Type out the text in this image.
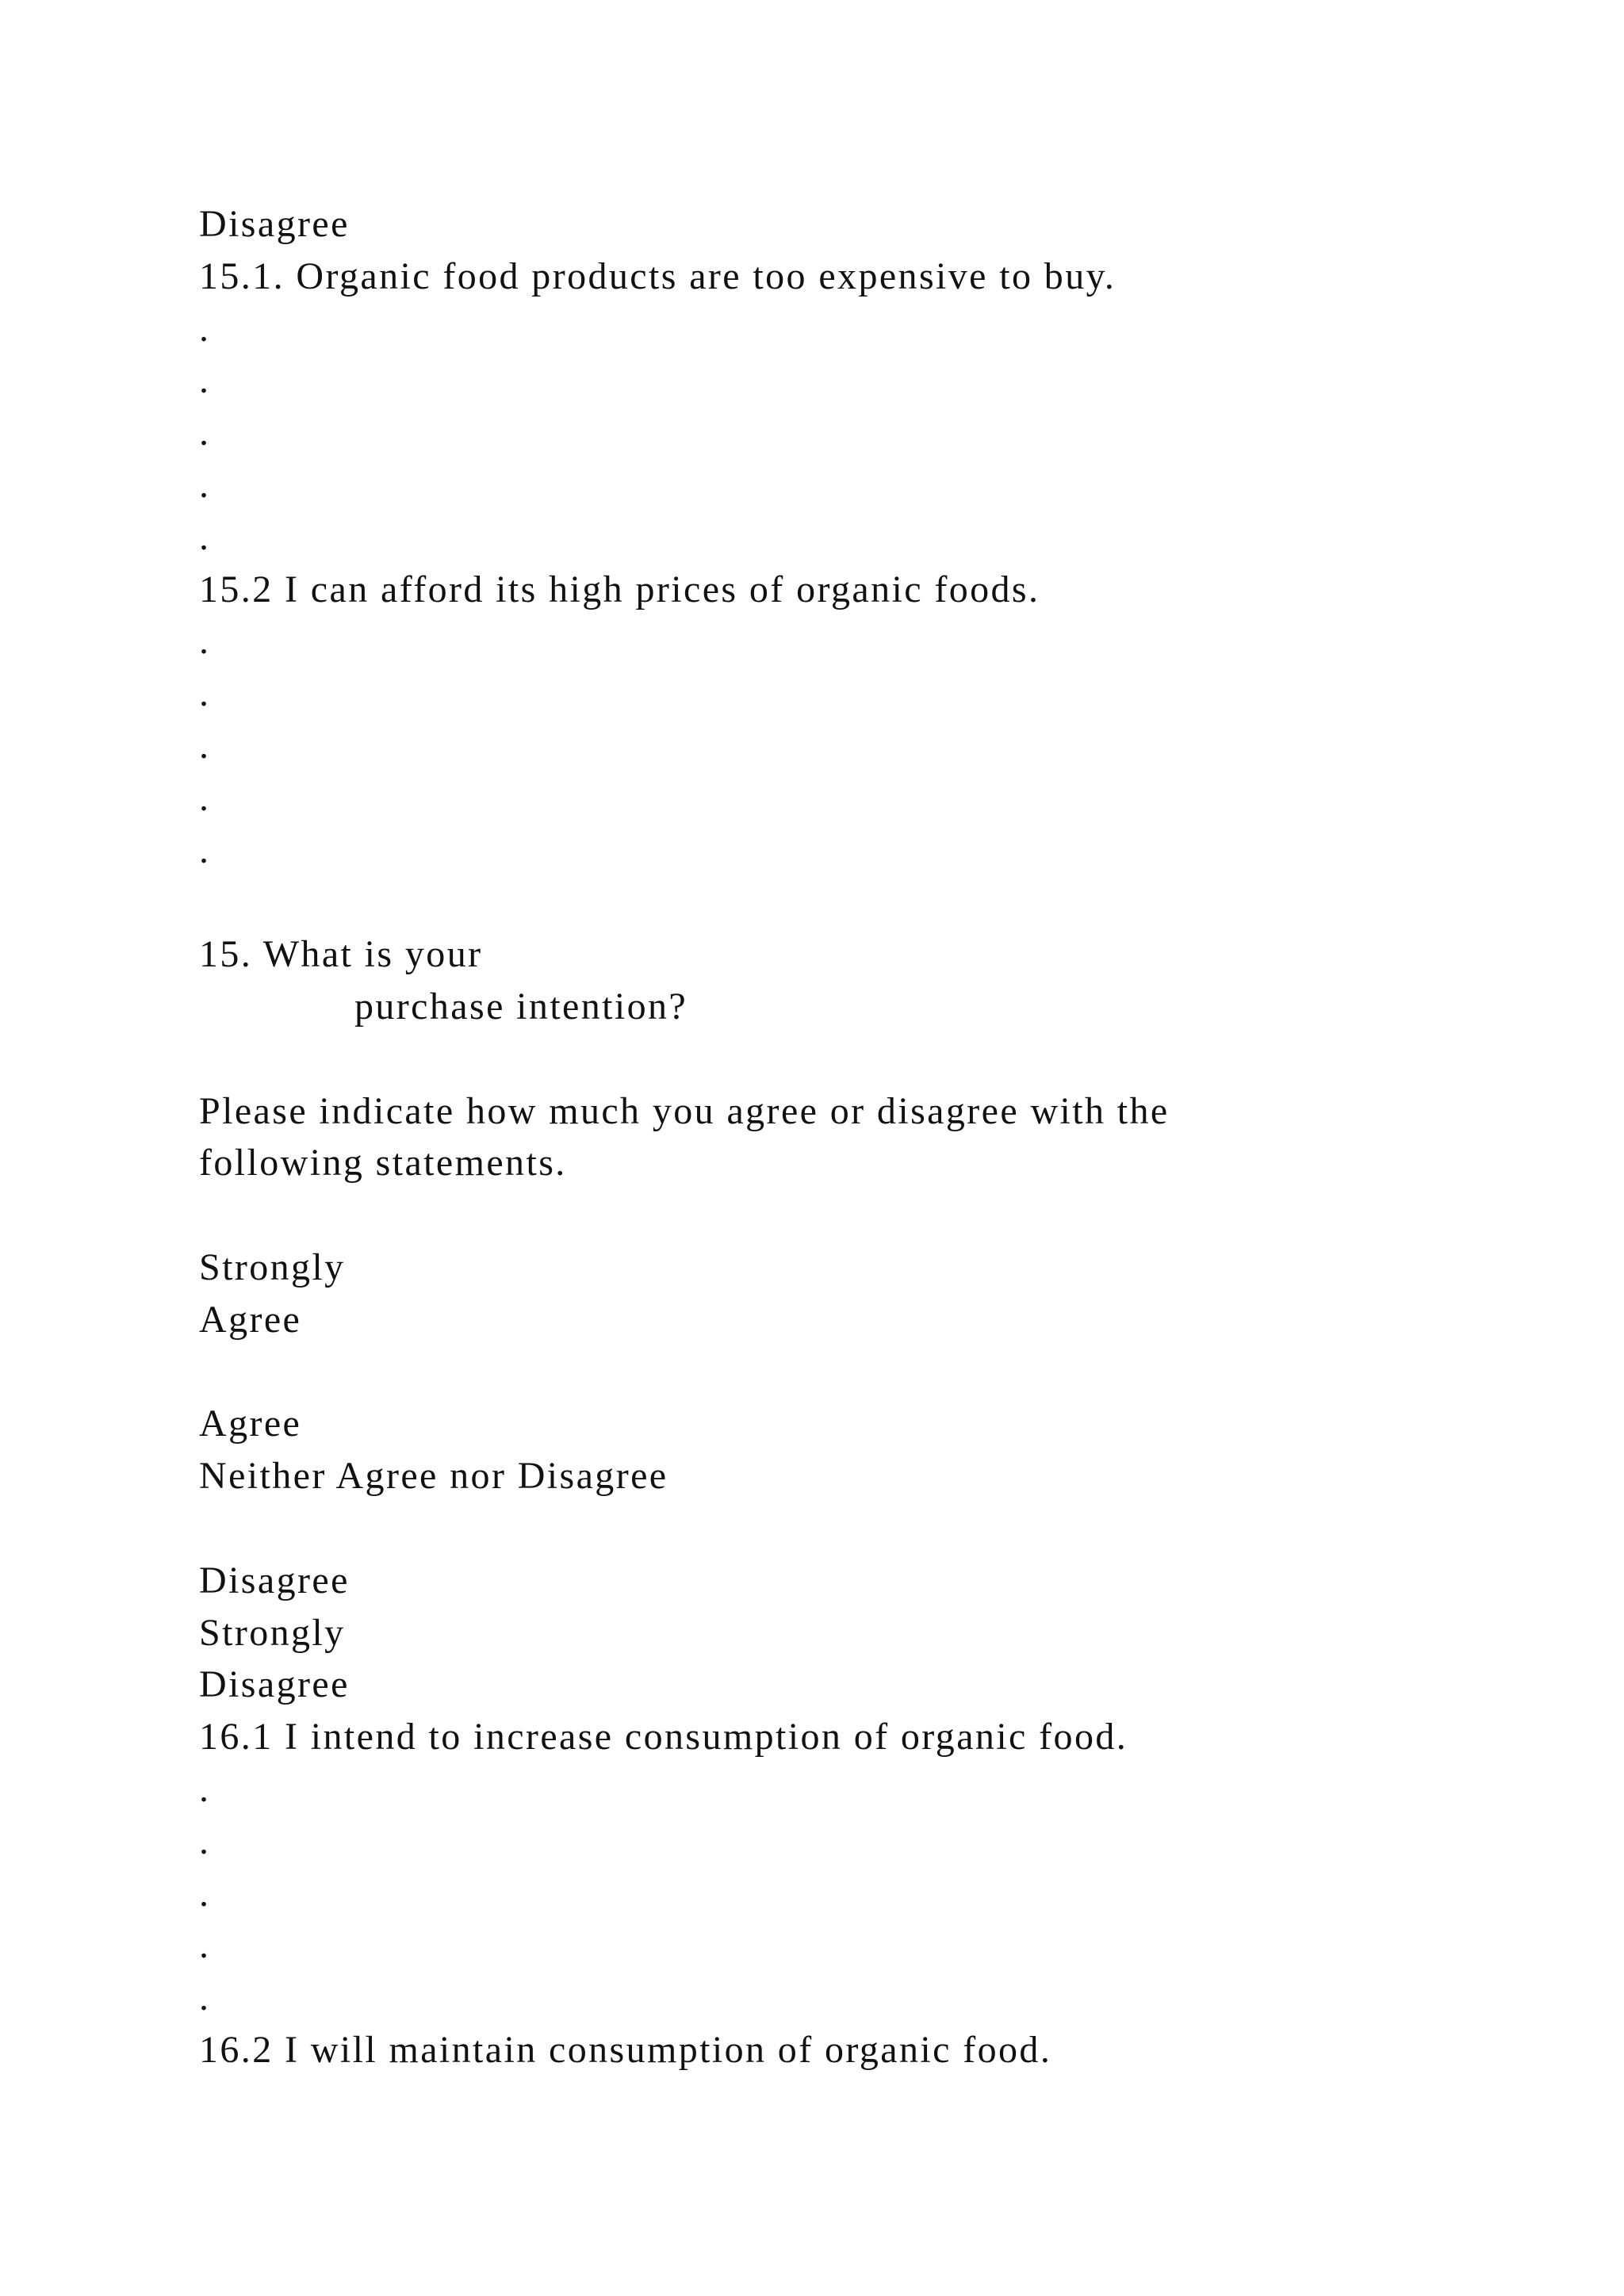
Disagree
15.1. Organic food products are too expensive to buy.
.
.
.
.
.
15.2 I can afford its high prices of organic foods.
.
.
.
.
.
15. What is your
purchase intention?
Please indicate how much you agree or disagree with the
following statements.
Strongly
Agree
Agree
Neither Agree nor Disagree
Disagree
Strongly
Disagree
16.1 I intend to increase consumption of organic food.
.
.
.
.
.
16.2 I will maintain consumption of organic food.
